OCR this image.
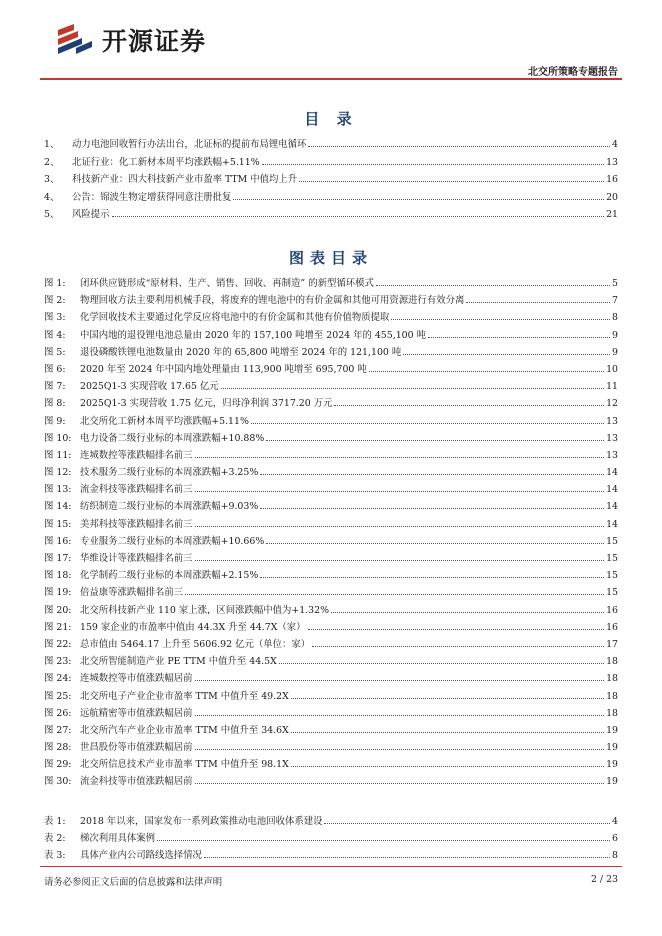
开源证券
北交所策略专题报告
目 录
1、	动力电池回收暂行办法出台，北证标的提前布局锂电循环	4
2、	北证行业：化工新材本周平均涨跌幅+5.11%	13
3、	科技新产业：四大科技新产业市盈率 TTM 中值均上升	16
4、	公告：锦波生物定增获得同意注册批复	20
5、	风险提示	21
图表目录
图 1:	闭环供应链形成“原材料、生产、销售、回收、再制造” 的新型循环模式	5
图 2:	物理回收方法主要利用机械手段，将废弃的锂电池中的有价金属和其他可用资源进行有效分离	7
图 3:	化学回收技术主要通过化学反应将电池中的有价金属和其他有价值物质提取	8
图 4:	中国内地的退役锂电池总量由 2020 年的 157,100 吨增至 2024 年的 455,100 吨	9
图 5:	退役磷酸铁锂电池数量由 2020 年的 65,800 吨增至 2024 年的 121,100 吨	9
图 6:	2020 年至 2024 年中国内地处理量由 113,900 吨增至 695,700 吨	10
图 7:	2025Q1-3 实现营收 17.65 亿元	11
图 8:	2025Q1-3 实现营收 1.75 亿元，归母净利润 3717.20 万元	12
图 9:	北交所化工新材本周平均涨跌幅+5.11%	13
图 10: 电力设备二级行业标的本周涨跌幅+10.88%	13
图 11: 连城数控等涨跌幅排名前三	13
图 12: 技术服务二级行业标的本周涨跌幅+3.25%	14
图 13: 流金科技等涨跌幅排名前三	14
图 14: 纺织制造二级行业标的本周涨跌幅+9.03%	14
图 15: 美邦科技等涨跌幅排名前三	14
图 16: 专业服务二级行业标的本周涨跌幅+10.66%	15
图 17: 华维设计等涨跌幅排名前三	15
图 18: 化学制药二级行业标的本周涨跌幅+2.15%	15
图 19: 倍益康等涨跌幅排名前三	15
图 20: 北交所科技新产业 110 家上涨，区间涨跌幅中值为+1.32%	16
图 21: 159 家企业的市盈率中值由 44.3X 升至 44.7X（家）	16
图 22: 总市值由 5464.17 上升至 5606.92 亿元（单位：家）	17
图 23: 北交所智能制造产业 PE TTM 中值升至 44.5X	18
图 24: 连城数控等市值涨跌幅居前	18
图 25: 北交所电子产业企业市盈率 TTM 中值升至 49.2X	18
图 26: 远航精密等市值涨跌幅居前	18
图 27: 北交所汽车产业企业市盈率 TTM 中值升至 34.6X	19
图 28: 世昌股份等市值涨跌幅居前	19
图 29: 北交所信息技术产业市盈率 TTM 中值升至 98.1X	19
图 30: 流金科技等市值涨跌幅居前	19
表 1:	2018 年以来，国家发布一系列政策推动电池回收体系建设	4
表 2:	梯次利用具体案例	6
表 3:	具体产业内公司路线选择情况	8
请务必参阅正文后面的信息披露和法律声明	2 / 23
